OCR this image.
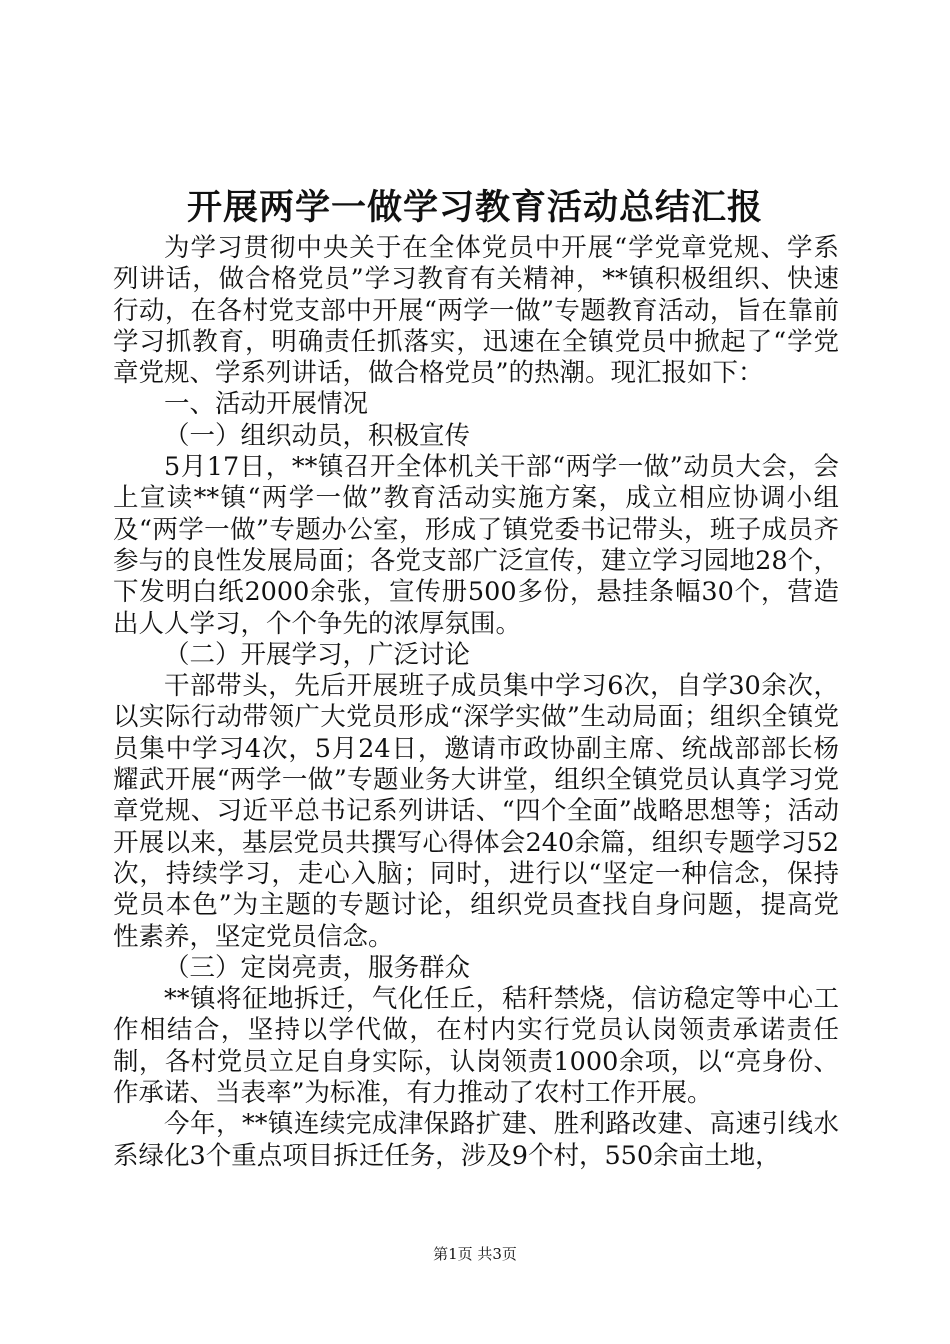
开展两学一做学习教育活动总结汇报

为学习贯彻中央关于在全体党员中开展“学党章党规、学系列讲话，做合格党员”学习教育有关精神，**镇积极组织、快速行动，在各村党支部中开展“两学一做”专题教育活动，旨在靠前学习抓教育，明确责任抓落实，迅速在全镇党员中掀起了“学党章党规、学系列讲话，做合格党员”的热潮。现汇报如下：

一、活动开展情况

（一）组织动员，积极宣传

5月17日，**镇召开全体机关干部“两学一做”动员大会，会上宣读**镇“两学一做”教育活动实施方案，成立相应协调小组及“两学一做”专题办公室，形成了镇党委书记带头，班子成员齐参与的良性发展局面；各党支部广泛宣传，建立学习园地28个，下发明白纸2000余张，宣传册500多份，悬挂条幅30个，营造出人人学习，个个争先的浓厚氛围。

（二）开展学习，广泛讨论

干部带头，先后开展班子成员集中学习6次，自学30余次，以实际行动带领广大党员形成“深学实做”生动局面；组织全镇党员集中学习4次，5月24日，邀请市政协副主席、统战部部长杨耀武开展“两学一做”专题业务大讲堂，组织全镇党员认真学习党章党规、习近平总书记系列讲话、“四个全面”战略思想等；活动开展以来，基层党员共撰写心得体会240余篇，组织专题学习52次，持续学习，走心入脑；同时，进行以“坚定一种信念，保持党员本色”为主题的专题讨论，组织党员查找自身问题，提高党性素养，坚定党员信念。

（三）定岗亮责，服务群众

**镇将征地拆迁，气化任丘，秸秆禁烧，信访稳定等中心工作相结合，坚持以学代做，在村内实行党员认岗领责承诺责任制，各村党员立足自身实际，认岗领责1000余项，以“亮身份、作承诺、当表率”为标准，有力推动了农村工作开展。

今年，**镇连续完成津保路扩建、胜利路改建、高速引线水系绿化3个重点项目拆迁任务，涉及9个村，550余亩土地，

第1页 共3页
